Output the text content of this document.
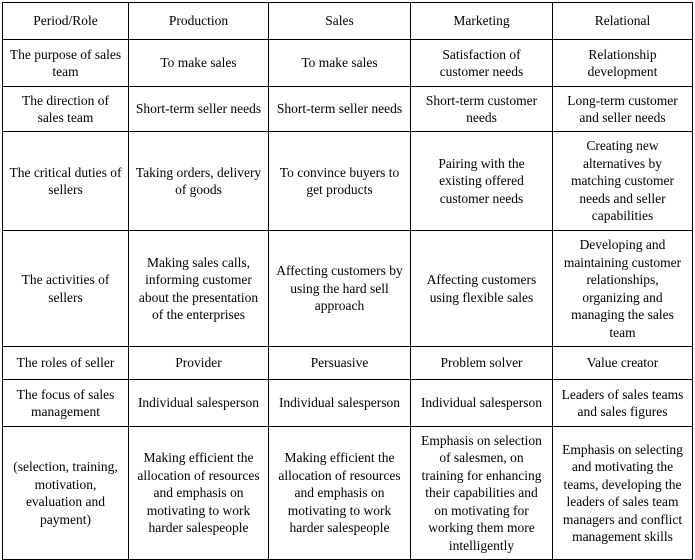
Period/Role	Production	Sales	Marketing	Relational
The purpose of sales team	To make sales	To make sales	Satisfaction of customer needs	Relationship development
The direction of sales team	Short-term seller needs	Short-term seller needs	Short-term customer needs	Long-term customer and seller needs
The critical duties of sellers	Taking orders, delivery of goods	To convince buyers to get products	Pairing with the existing offered customer needs	Creating new alternatives by matching customer needs and seller capabilities
The activities of sellers	Making sales calls, informing customer about the presentation of the enterprises	Affecting customers by using the hard sell approach	Affecting customers using flexible sales	Developing and maintaining customer relationships, organizing and managing the sales team
The roles of seller	Provider	Persuasive	Problem solver	Value creator
The focus of sales management	Individual salesperson	Individual salesperson	Individual salesperson	Leaders of sales teams and sales figures
(selection, training, motivation, evaluation and payment)	Making efficient the allocation of resources and emphasis on motivating to work harder salespeople	Making efficient the allocation of resources and emphasis on motivating to work harder salespeople	Emphasis on selection of salesmen, on training for enhancing their capabilities and on motivating for working them more intelligently	Emphasis on selecting and motivating the teams, developing the leaders of sales team managers and conflict management skills
